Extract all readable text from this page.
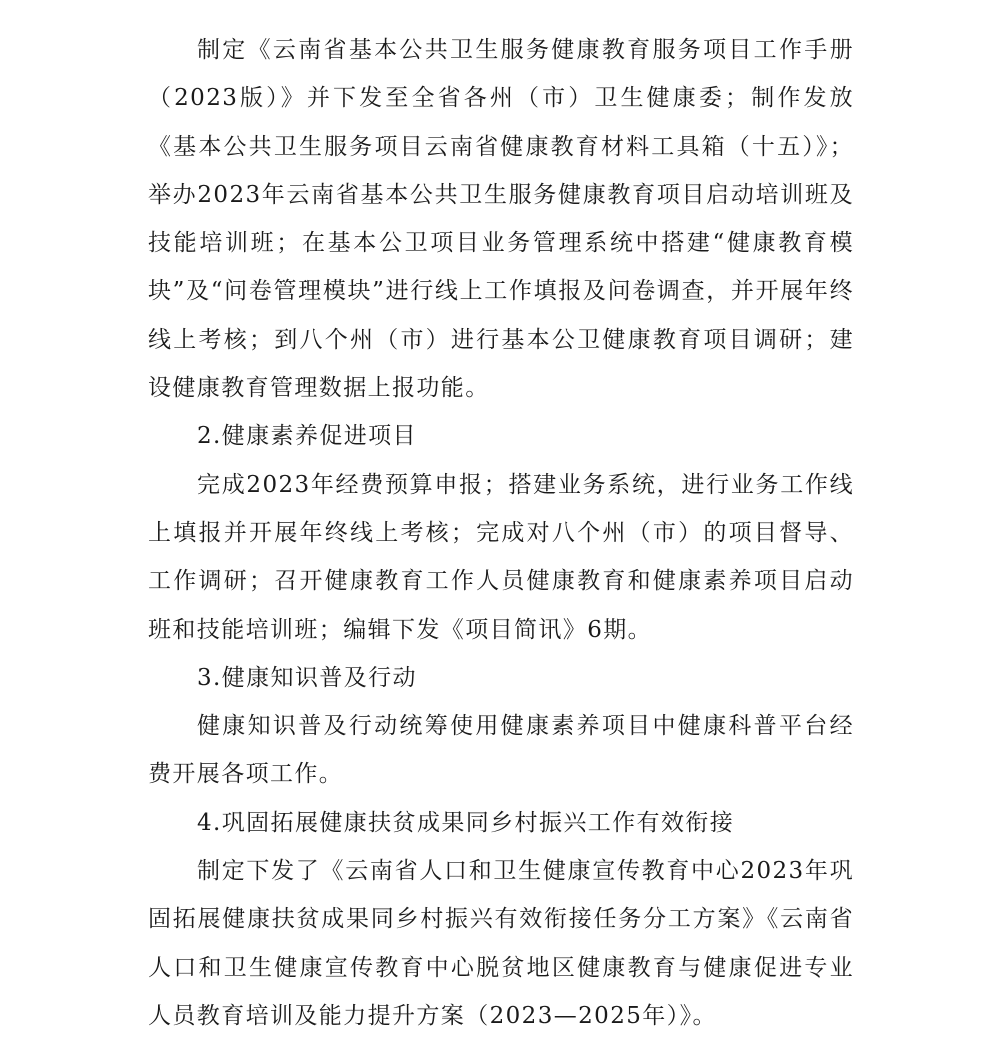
制定《云南省基本公共卫生服务健康教育服务项目工作手册（2023版）》并下发至全省各州（市）卫生健康委；制作发放《基本公共卫生服务项目云南省健康教育材料工具箱（十五）》；举办2023年云南省基本公共卫生服务健康教育项目启动培训班及技能培训班；在基本公卫项目业务管理系统中搭建“健康教育模块”及“问卷管理模块”进行线上工作填报及问卷调查，并开展年终线上考核；到八个州（市）进行基本公卫健康教育项目调研；建设健康教育管理数据上报功能。

2.健康素养促进项目

完成2023年经费预算申报；搭建业务系统，进行业务工作线上填报并开展年终线上考核；完成对八个州（市）的项目督导、工作调研；召开健康教育工作人员健康教育和健康素养项目启动班和技能培训班；编辑下发《项目简讯》6期。

3.健康知识普及行动

健康知识普及行动统筹使用健康素养项目中健康科普平台经费开展各项工作。

4.巩固拓展健康扶贫成果同乡村振兴工作有效衔接

制定下发了《云南省人口和卫生健康宣传教育中心2023年巩固拓展健康扶贫成果同乡村振兴有效衔接任务分工方案》《云南省人口和卫生健康宣传教育中心脱贫地区健康教育与健康促进专业人员教育培训及能力提升方案（2023—2025年）》。
